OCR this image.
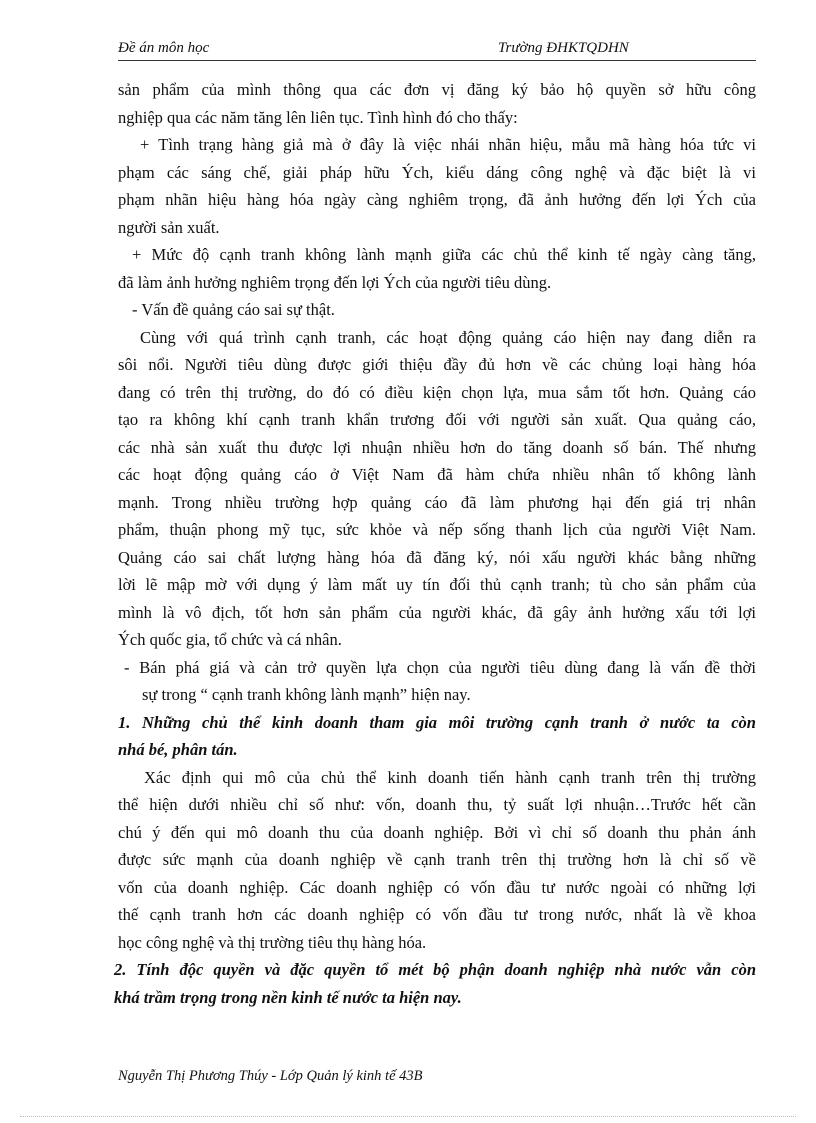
Đề án môn học	Trường ĐHKTQDHN
sản phẩm của mình thông qua các đơn vị đăng ký bảo hộ quyền sở hữu công
nghiệp qua các năm tăng lên liên tục. Tình hình đó cho thấy:
+ Tình trạng hàng giả mà ở đây là việc nhái nhãn hiệu, mẫu mã hàng hóa tức vi
phạm các sáng chế, giải pháp hữu Ých, kiểu dáng công nghệ và đặc biệt là vi
phạm nhãn hiệu hàng hóa ngày càng nghiêm trọng, đã ảnh hưởng đến lợi Ých của
người sản xuất.
+ Mức độ cạnh tranh không lành mạnh giữa các chủ thể kinh tế ngày càng tăng,
đã làm ảnh hưởng nghiêm trọng đến lợi Ých của người tiêu dùng.
- Vấn đề quảng cáo sai sự thật.
Cùng với quá trình cạnh tranh, các hoạt động quảng cáo hiện nay đang diễn ra
sôi nổi. Người tiêu dùng được giới thiệu đầy đủ hơn về các chủng loại hàng hóa
đang có trên thị trường, do đó có điều kiện chọn lựa, mua sắm tốt hơn. Quảng cáo
tạo ra không khí cạnh tranh khẩn trương đối với người sản xuất. Qua quảng cáo,
các nhà sản xuất thu được lợi nhuận nhiều hơn do tăng doanh số bán. Thế nhưng
các hoạt động quảng cáo ở Việt Nam đã hàm chứa nhiều nhân tố không lành
mạnh. Trong nhiều trường hợp quảng cáo đã làm phương hại đến giá trị nhân
phẩm, thuận phong mỹ tục, sức khỏe và nếp sống thanh lịch của người Việt Nam.
Quảng cáo sai chất lượng hàng hóa đã đăng ký, nói xấu người khác bằng những
lời lẽ mập mờ với dụng ý làm mất uy tín đối thủ cạnh tranh; tù cho sản phẩm của
mình là vô địch, tốt hơn sản phẩm của người khác, đã gây ảnh hưởng xấu tới lợi
Ých quốc gia, tổ chức và cá nhân.
- Bán phá giá và cản trở quyền lựa chọn của người tiêu dùng đang là vấn đề thời
sự trong “ cạnh tranh không lành mạnh” hiện nay.
1. Những chủ thể kinh doanh tham gia môi trường cạnh tranh ở nước ta còn
nhá bé, phân tán.
Xác định qui mô của chủ thể kinh doanh tiến hành cạnh tranh trên thị trường
thể hiện dưới nhiều chỉ số như: vốn, doanh thu, tỷ suất lợi nhuận…Trước hết cần
chú ý đến qui mô doanh thu của doanh nghiệp. Bởi vì chỉ số doanh thu phản ánh
được sức mạnh của doanh nghiệp về cạnh tranh trên thị trường hơn là chỉ số về
vốn của doanh nghiệp. Các doanh nghiệp có vốn đầu tư nước ngoài có những lợi
thế cạnh tranh hơn các doanh nghiệp có vốn đầu tư trong nước, nhất là về khoa
học công nghệ và thị trường tiêu thụ hàng hóa.
2. Tính độc quyền và đặc quyền tổ mét bộ phận doanh nghiệp nhà nước vẫn còn
khá trầm trọng trong nền kinh tế nước ta hiện nay.
Nguyễn Thị Phương Thúy - Lớp Quản lý kinh tế 43B
